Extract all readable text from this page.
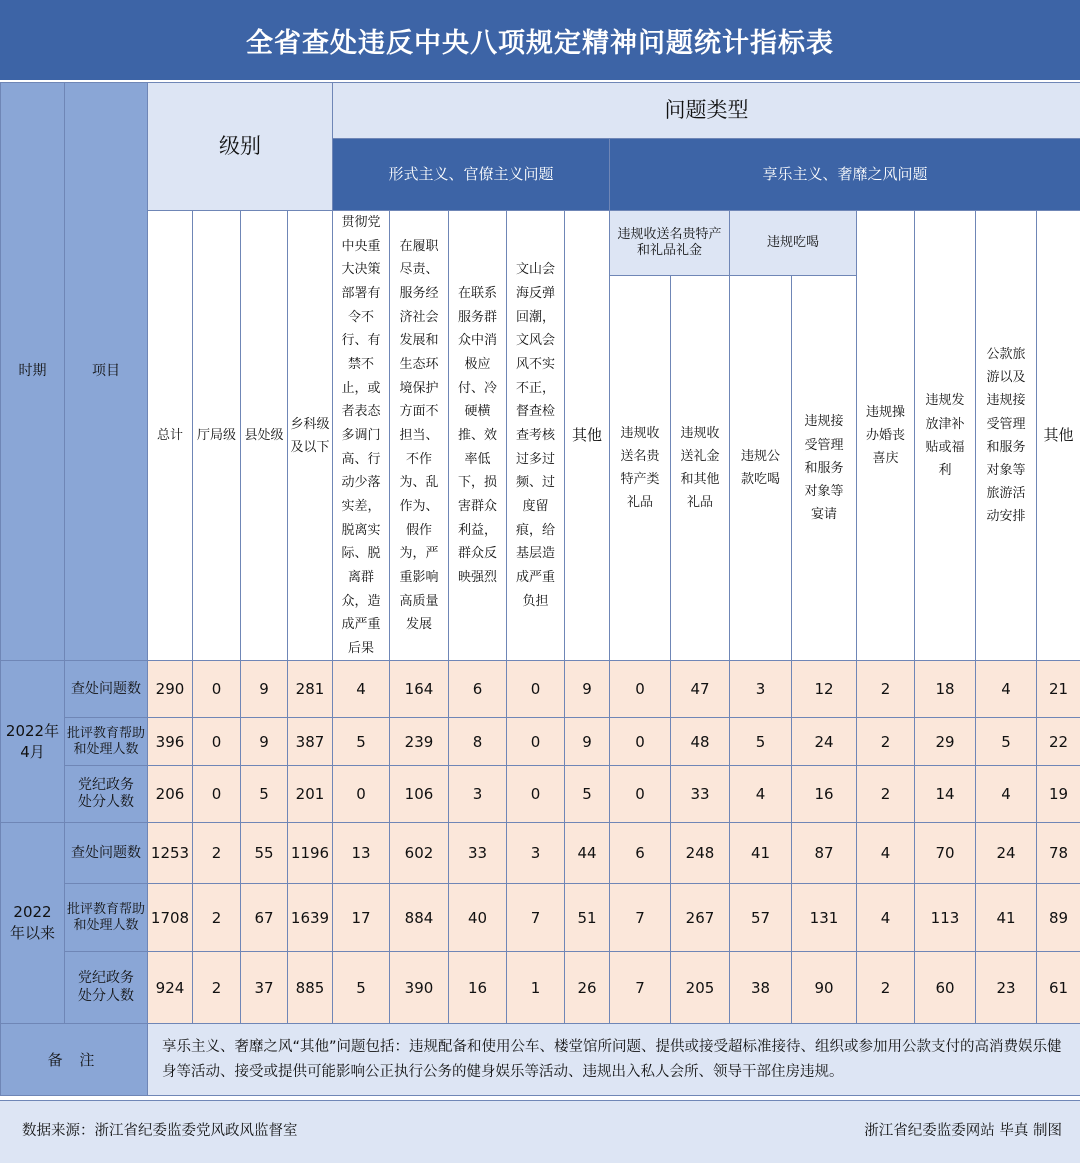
全省查处违反中央八项规定精神问题统计指标表
时期	项目	级别				问题类型												
						形式主义、官僚主义问题					享乐主义、奢靡之风问题							
		总计	厅局级	县处级	乡科级及以下	贯彻党中央重大决策部署有令不行、有禁不止，或者表态多调门高、行动少落实差，脱离实际、脱离群众，造成严重后果	在履职尽责、服务经济社会发展和生态环境保护方面不担当、不作为、乱作为、假作为，严重影响高质量发展	在联系服务群众中消极应付、冷硬横推、效率低下，损害群众利益，群众反映强烈	文山会海反弹回潮，文风会风不实不正，督查检查考核过多过频、过度留痕，给基层造成严重负担	其他	违规收送名贵特产和礼品礼金		违规吃喝		违规操办婚丧喜庆	违规发放津补贴或福利	公款旅游以及违规接受管理和服务对象等旅游活动安排	其他
											违规收送名贵特产类礼品	违规收送礼金和其他礼品	违规公款吃喝	违规接受管理和服务对象等宴请				
2022年4月	查处问题数	290	0	9	281	4	164	6	0	9	0	47	3	12	2	18	4	21
	批评教育帮助和处理人数	396	0	9	387	5	239	8	0	9	0	48	5	24	2	29	5	22
	党纪政务处分人数	206	0	5	201	0	106	3	0	5	0	33	4	16	2	14	4	19
2022年以来	查处问题数	1253	2	55	1196	13	602	33	3	44	6	248	41	87	4	70	24	78
	批评教育帮助和处理人数	1708	2	67	1639	17	884	40	7	51	7	267	57	131	4	113	41	89
	党纪政务处分人数	924	2	37	885	5	390	16	1	26	7	205	38	90	2	60	23	61
备 注		享乐主义、奢靡之风“其他”问题包括：违规配备和使用公车、楼堂馆所问题、提供或接受超标准接待、组织或参加用公款支付的高消费娱乐健身等活动、接受或提供可能影响公正执行公务的健身娱乐等活动、违规出入私人会所、领导干部住房违规。																
数据来源：浙江省纪委监委党风政风监督室	浙江省纪委监委网站 毕真 制图
